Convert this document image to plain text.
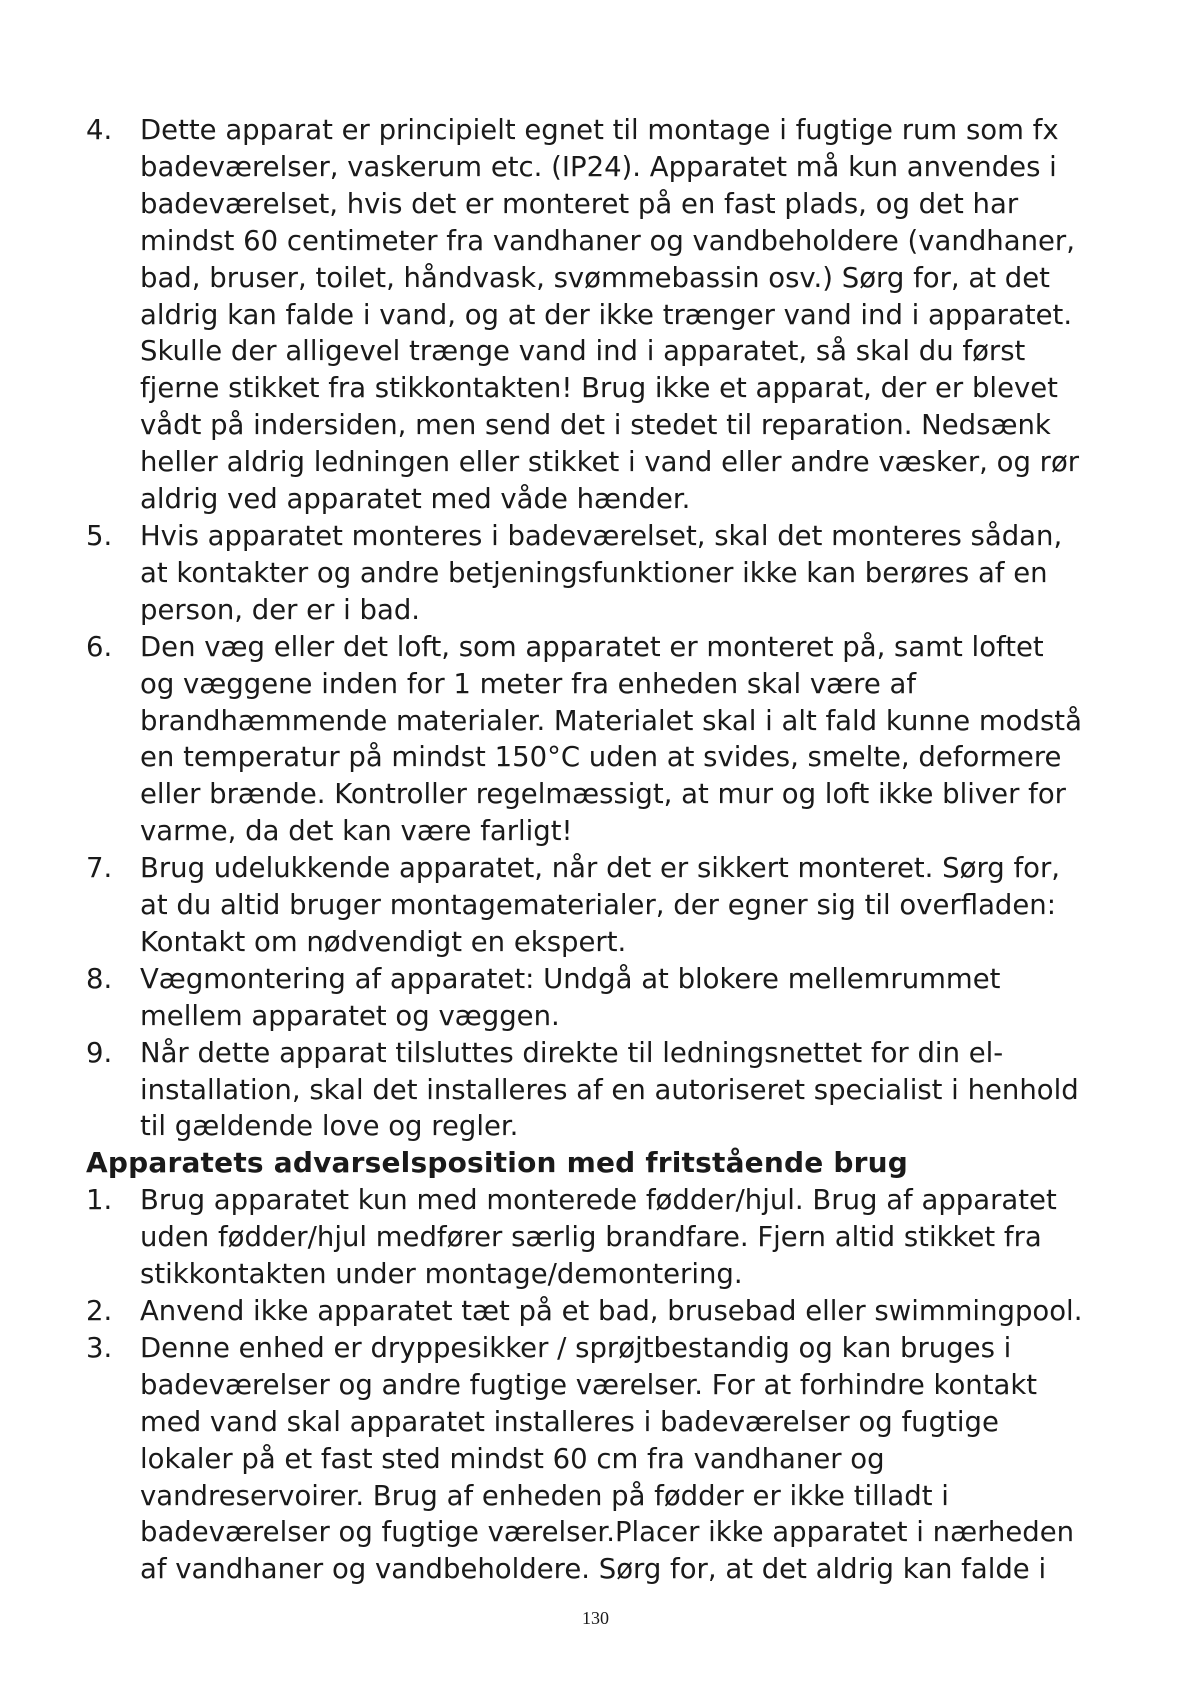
4.	Dette apparat er principielt egnet til montage i fugtige rum som fx
badeværelser, vaskerum etc. (IP24). Apparatet må kun anvendes i
badeværelset, hvis det er monteret på en fast plads, og det har
mindst 60 centimeter fra vandhaner og vandbeholdere (vandhaner,
bad, bruser, toilet, håndvask, svømmebassin osv.) Sørg for, at det
aldrig kan falde i vand, og at der ikke trænger vand ind i apparatet.
Skulle der alligevel trænge vand ind i apparatet, så skal du først
fjerne stikket fra stikkontakten! Brug ikke et apparat, der er blevet
vådt på indersiden, men send det i stedet til reparation. Nedsænk
heller aldrig ledningen eller stikket i vand eller andre væsker, og rør
aldrig ved apparatet med våde hænder.
5.	Hvis apparatet monteres i badeværelset, skal det monteres sådan,
at kontakter og andre betjeningsfunktioner ikke kan berøres af en
person, der er i bad.
6.	Den væg eller det loft, som apparatet er monteret på, samt loftet
og væggene inden for 1 meter fra enheden skal være af
brandhæmmende materialer. Materialet skal i alt fald kunne modstå
en temperatur på mindst 150°C uden at svides, smelte, deformere
eller brænde. Kontroller regelmæssigt, at mur og loft ikke bliver for
varme, da det kan være farligt!
7.	Brug udelukkende apparatet, når det er sikkert monteret. Sørg for,
at du altid bruger montagematerialer, der egner sig til overfladen:
Kontakt om nødvendigt en ekspert.
8.	Vægmontering af apparatet: Undgå at blokere mellemrummet
mellem apparatet og væggen.
9.	Når dette apparat tilsluttes direkte til ledningsnettet for din el-
installation, skal det installeres af en autoriseret specialist i henhold
til gældende love og regler.
Apparatets advarselsposition med fritstående brug
1.	Brug apparatet kun med monterede fødder/hjul. Brug af apparatet
uden fødder/hjul medfører særlig brandfare. Fjern altid stikket fra
stikkontakten under montage/demontering.
2.	Anvend ikke apparatet tæt på et bad, brusebad eller swimmingpool.
3.	Denne enhed er dryppesikker / sprøjtbestandig og kan bruges i
badeværelser og andre fugtige værelser. For at forhindre kontakt
med vand skal apparatet installeres i badeværelser og fugtige
lokaler på et fast sted mindst 60 cm fra vandhaner og
vandreservoirer. Brug af enheden på fødder er ikke tilladt i
badeværelser og fugtige værelser.Placer ikke apparatet i nærheden
af vandhaner og vandbeholdere. Sørg for, at det aldrig kan falde i
130
